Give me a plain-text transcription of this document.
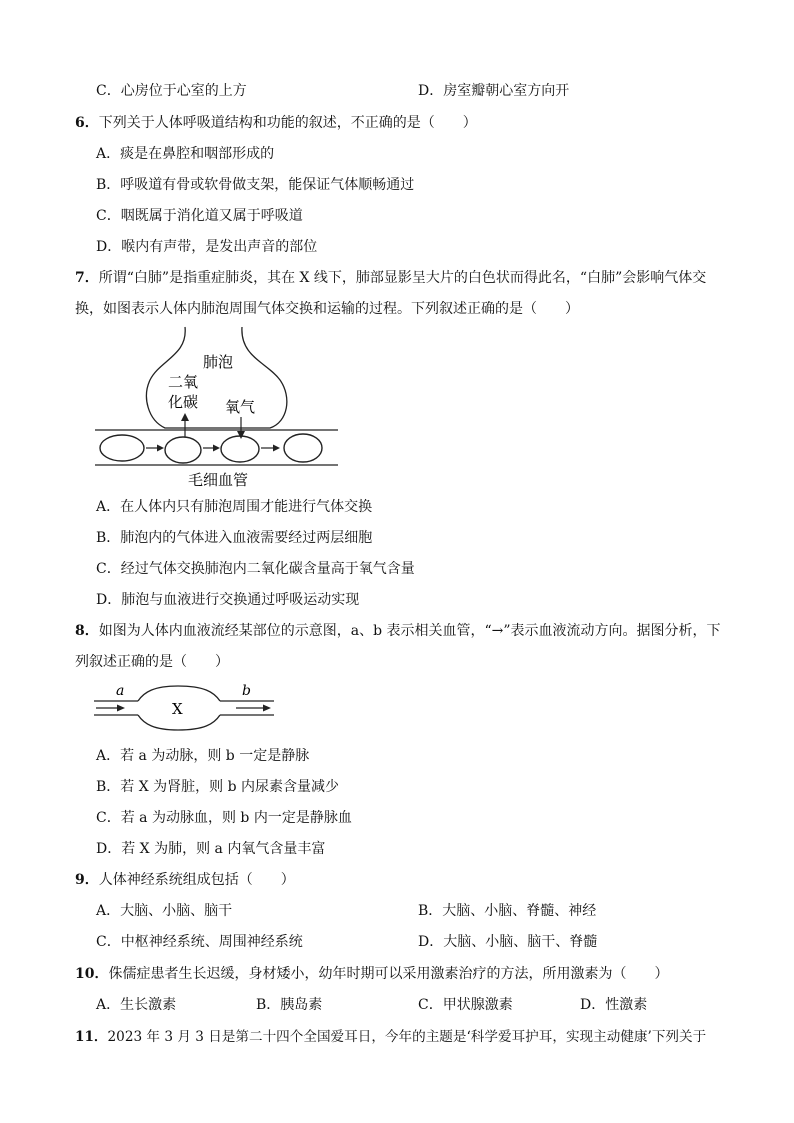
C．心房位于心室的上方	D．房室瓣朝心室方向开
6．下列关于人体呼吸道结构和功能的叙述，不正确的是（　　）
A．痰是在鼻腔和咽部形成的
B．呼吸道有骨或软骨做支架，能保证气体顺畅通过
C．咽既属于消化道又属于呼吸道
D．喉内有声带，是发出声音的部位
7．所谓“白肺”是指重症肺炎，其在 X 线下，肺部显影呈大片的白色状而得此名，“白肺”会影响气体交
换，如图表示人体内肺泡周围气体交换和运输的过程。下列叙述正确的是（　　）
肺泡
二氧
化碳 氧气
毛细血管
A．在人体内只有肺泡周围才能进行气体交换
B．肺泡内的气体进入血液需要经过两层细胞
C．经过气体交换肺泡内二氧化碳含量高于氧气含量
D．肺泡与血液进行交换通过呼吸运动实现
8．如图为人体内血液流经某部位的示意图，a、b 表示相关血管，“→”表示血液流动方向。据图分析，下
列叙述正确的是（　　）
a	b
X
A．若 a 为动脉，则 b 一定是静脉
B．若 X 为肾脏，则 b 内尿素含量减少
C．若 a 为动脉血，则 b 内一定是静脉血
D．若 X 为肺，则 a 内氧气含量丰富
9．人体神经系统组成包括（　　）
A．大脑、小脑、脑干	B．大脑、小脑、脊髓、神经
C．中枢神经系统、周围神经系统	D．大脑、小脑、脑干、脊髓
10．侏儒症患者生长迟缓，身材矮小，幼年时期可以采用激素治疗的方法，所用激素为（　　）
A．生长激素	B．胰岛素	C．甲状腺激素	D．性激素
11．2023 年 3 月 3 日是第二十四个全国爱耳日，今年的主题是‘科学爱耳护耳，实现主动健康’下列关于
